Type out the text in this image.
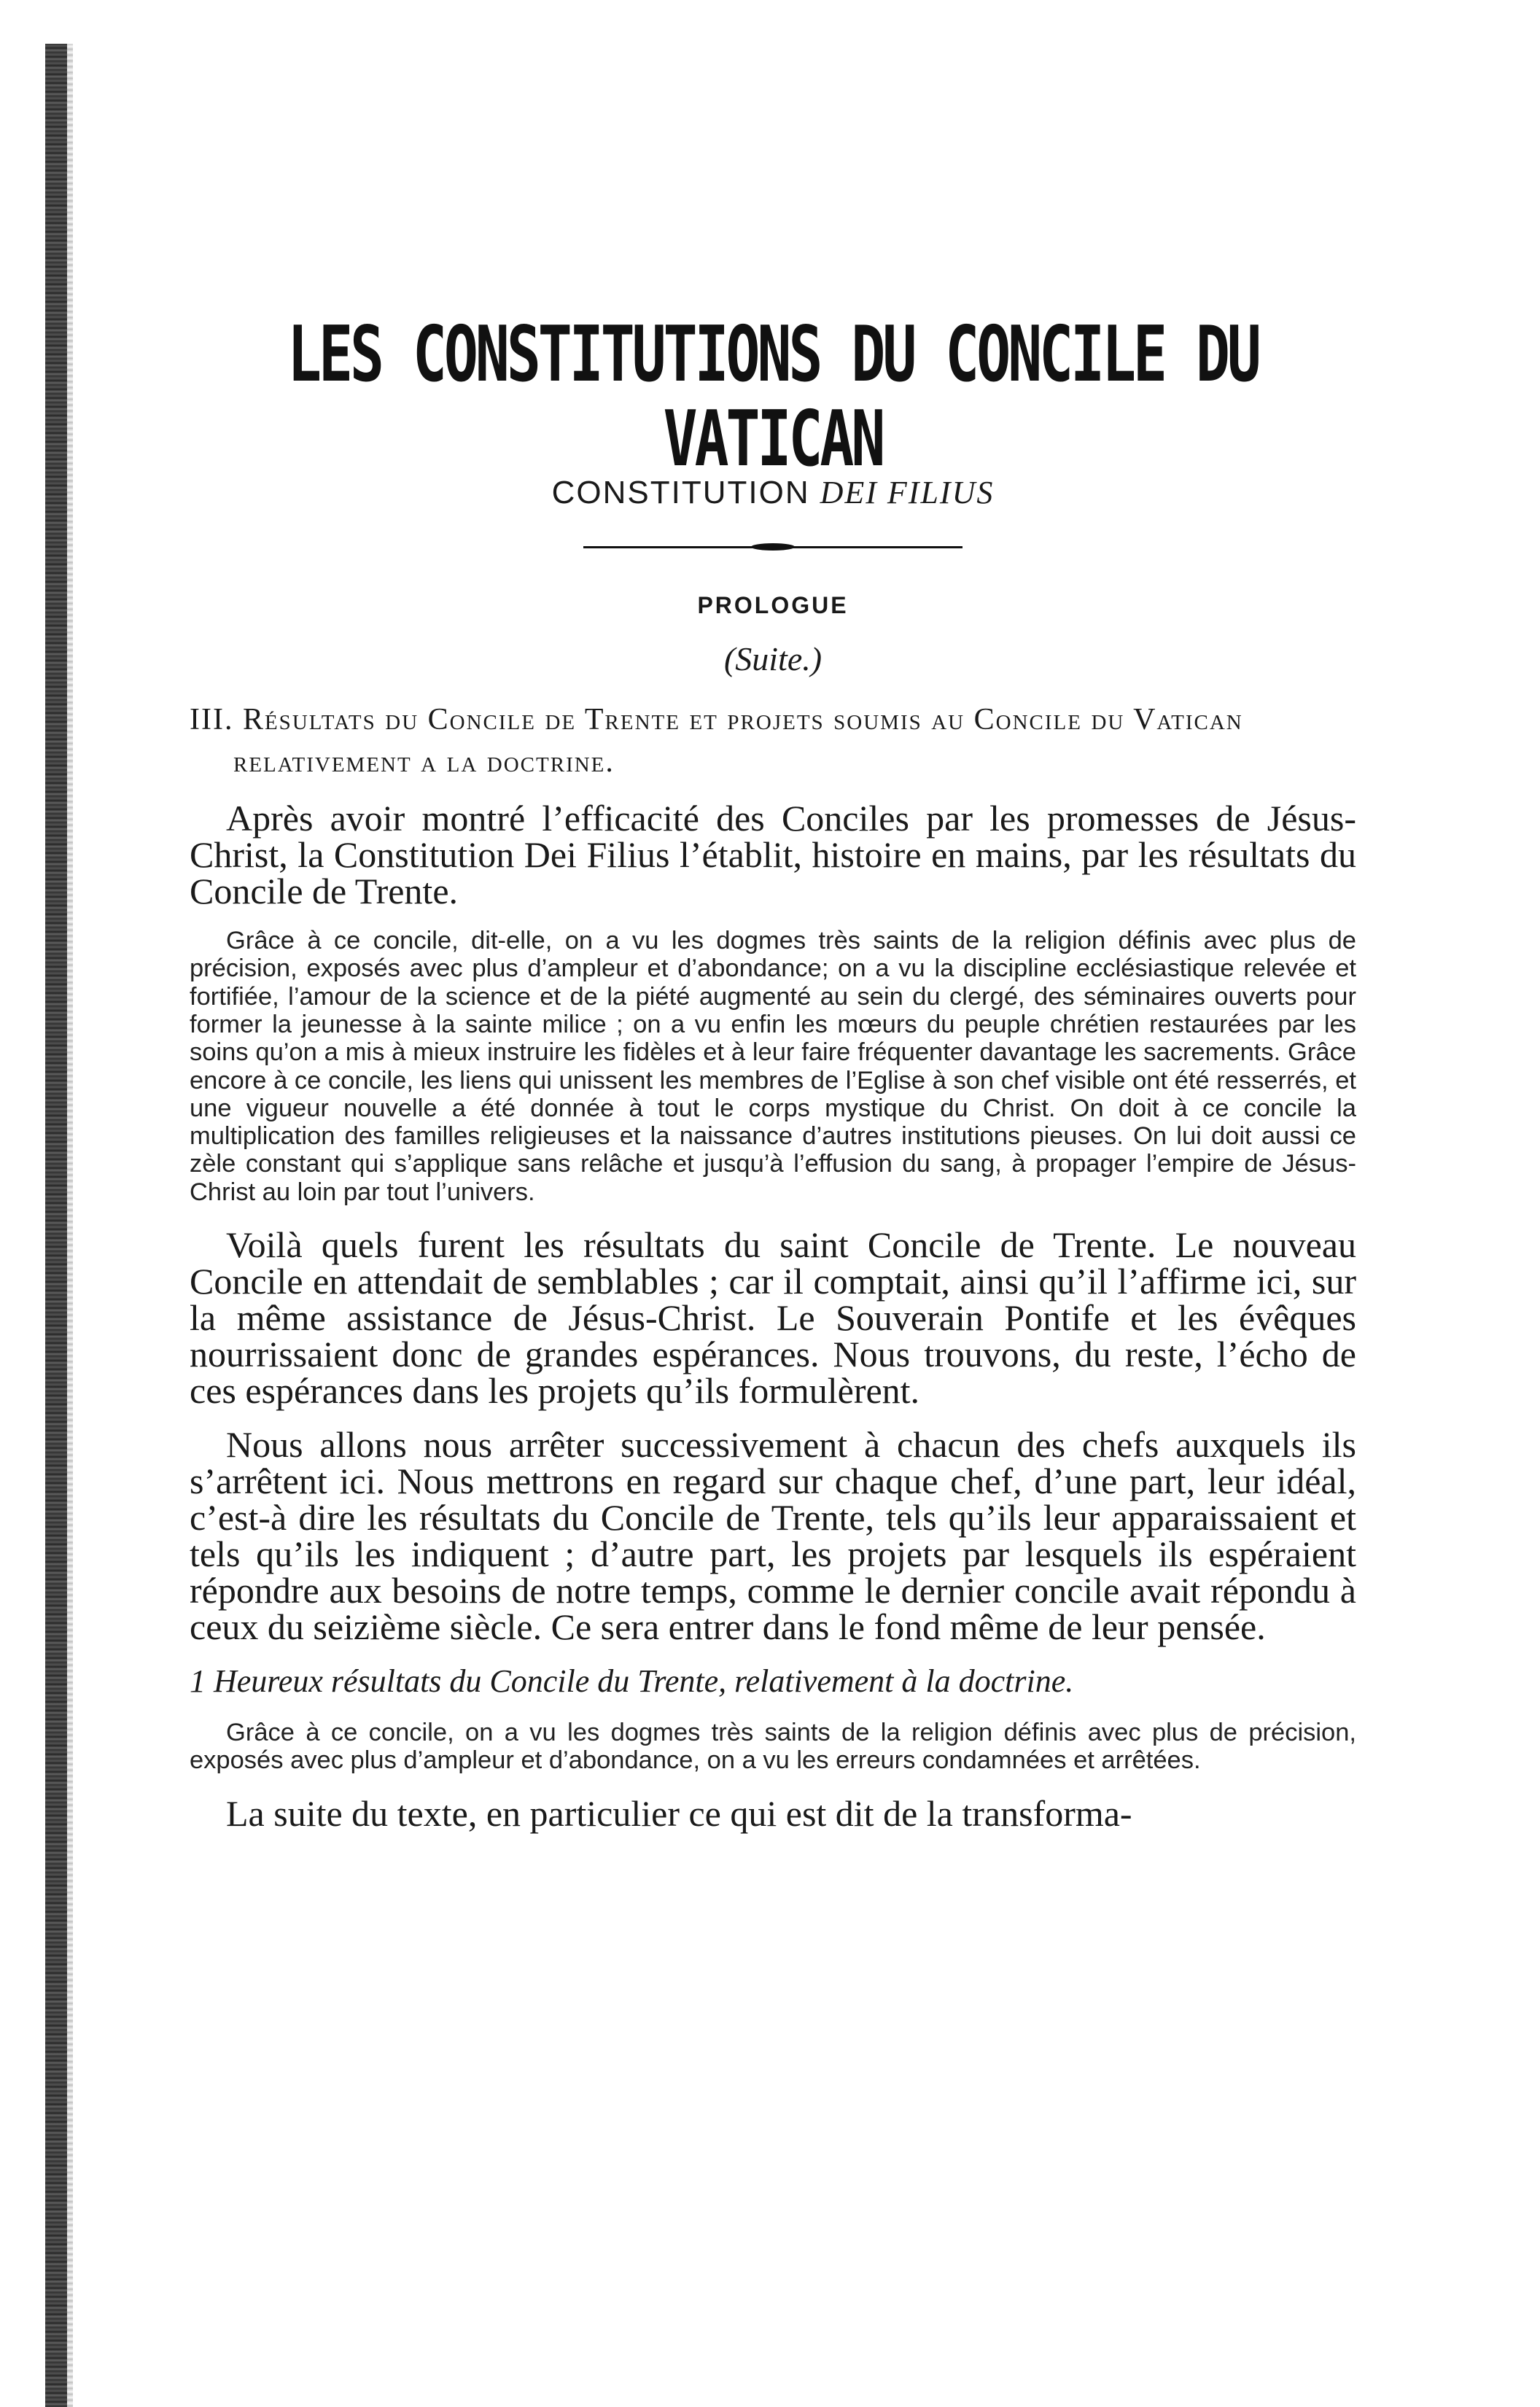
LES CONSTITUTIONS DU CONCILE DU VATICAN
CONSTITUTION DEI FILIUS
PROLOGUE
(Suite.)
III. Résultats du Concile de Trente et projets soumis au Concile du Vatican relativement a la doctrine.

Après avoir montré l’efficacité des Conciles par les promesses de Jésus-Christ, la Constitution Dei Filius l’établit, histoire en mains, par les résultats du Concile de Trente.

Grâce à ce concile, dit-elle, on a vu les dogmes très saints de la religion définis avec plus de précision, exposés avec plus d’ampleur et d’abondance; on a vu la discipline ecclésiastique relevée et fortifiée, l’amour de la science et de la piété augmenté au sein du clergé, des séminaires ouverts pour former la jeunesse à la sainte milice ; on a vu enfin les mœurs du peuple chrétien restaurées par les soins qu’on a mis à mieux instruire les fidèles et à leur faire fréquenter davantage les sacrements. Grâce encore à ce concile, les liens qui unissent les membres de l’Eglise à son chef visible ont été resserrés, et une vigueur nouvelle a été donnée à tout le corps mystique du Christ. On doit à ce concile la multiplication des familles religieuses et la naissance d’autres institutions pieuses. On lui doit aussi ce zèle constant qui s’applique sans relâche et jusqu’à l’effusion du sang, à propager l’empire de Jésus-Christ au loin par tout l’univers.

Voilà quels furent les résultats du saint Concile de Trente. Le nouveau Concile en attendait de semblables ; car il comptait, ainsi qu’il l’affirme ici, sur la même assistance de Jésus-Christ. Le Souverain Pontife et les évêques nourrissaient donc de grandes espérances. Nous trouvons, du reste, l’écho de ces espérances dans les projets qu’ils formulèrent.

Nous allons nous arrêter successivement à chacun des chefs auxquels ils s’arrêtent ici. Nous mettrons en regard sur chaque chef, d’une part, leur idéal, c’est-à dire les résultats du Concile de Trente, tels qu’ils leur apparaissaient et tels qu’ils les indiquent ; d’autre part, les projets par lesquels ils espéraient répondre aux besoins de notre temps, comme le dernier concile avait répondu à ceux du seizième siècle. Ce sera entrer dans le fond même de leur pensée.

1 Heureux résultats du Concile du Trente, relativement à la doctrine.

Grâce à ce concile, on a vu les dogmes très saints de la religion définis avec plus de précision, exposés avec plus d’ampleur et d’abondance, on a vu les erreurs condamnées et arrêtées.

La suite du texte, en particulier ce qui est dit de la transforma-
